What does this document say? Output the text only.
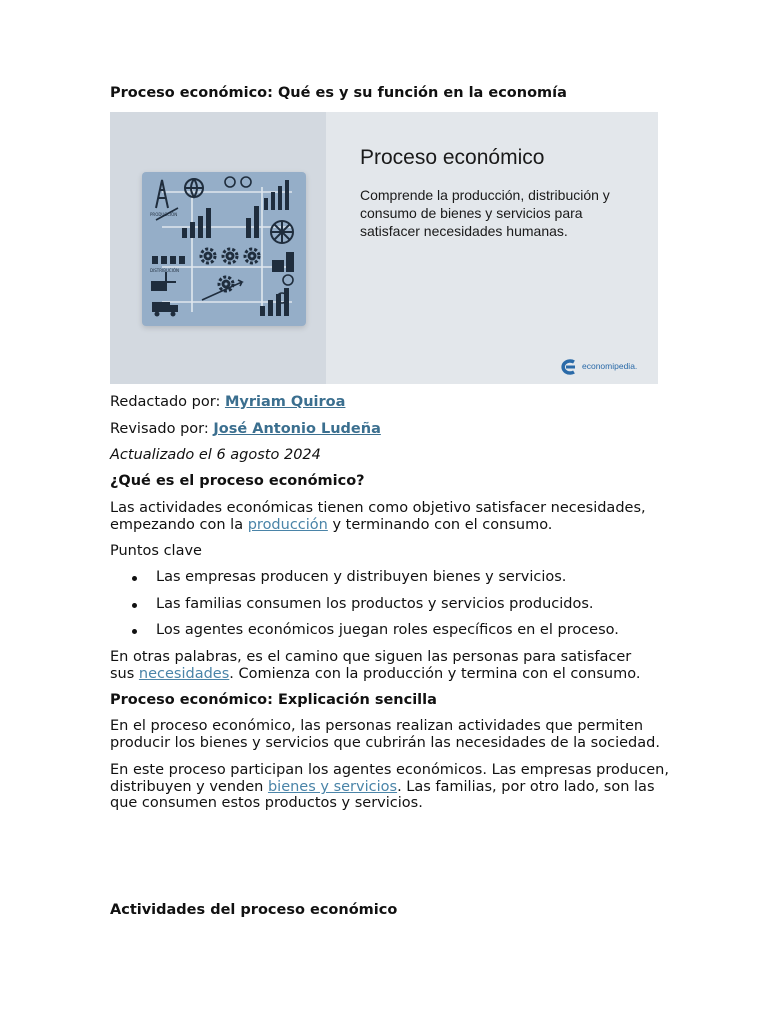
Proceso económico: Qué es y su función en la economía
PRODUCCIÓN
DISTRIBUCIÓN
Proceso económico
Comprende la producción, distribución y consumo de bienes y servicios para satisfacer necesidades humanas.
economipedia.
Redactado por: Myriam Quiroa
Revisado por: José Antonio Ludeña
Actualizado el 6 agosto 2024
¿Qué es el proceso económico?
Las actividades económicas tienen como objetivo satisfacer necesidades,
empezando con la producción y terminando con el consumo.
Puntos clave
Las empresas producen y distribuyen bienes y servicios.
Las familias consumen los productos y servicios producidos.
Los agentes económicos juegan roles específicos en el proceso.
En otras palabras, es el camino que siguen las personas para satisfacer
sus necesidades. Comienza con la producción y termina con el consumo.
Proceso económico: Explicación sencilla
En el proceso económico, las personas realizan actividades que permiten
producir los bienes y servicios que cubrirán las necesidades de la sociedad.
En este proceso participan los agentes económicos. Las empresas producen,
distribuyen y venden bienes y servicios. Las familias, por otro lado, son las
que consumen estos productos y servicios.
Actividades del proceso económico
